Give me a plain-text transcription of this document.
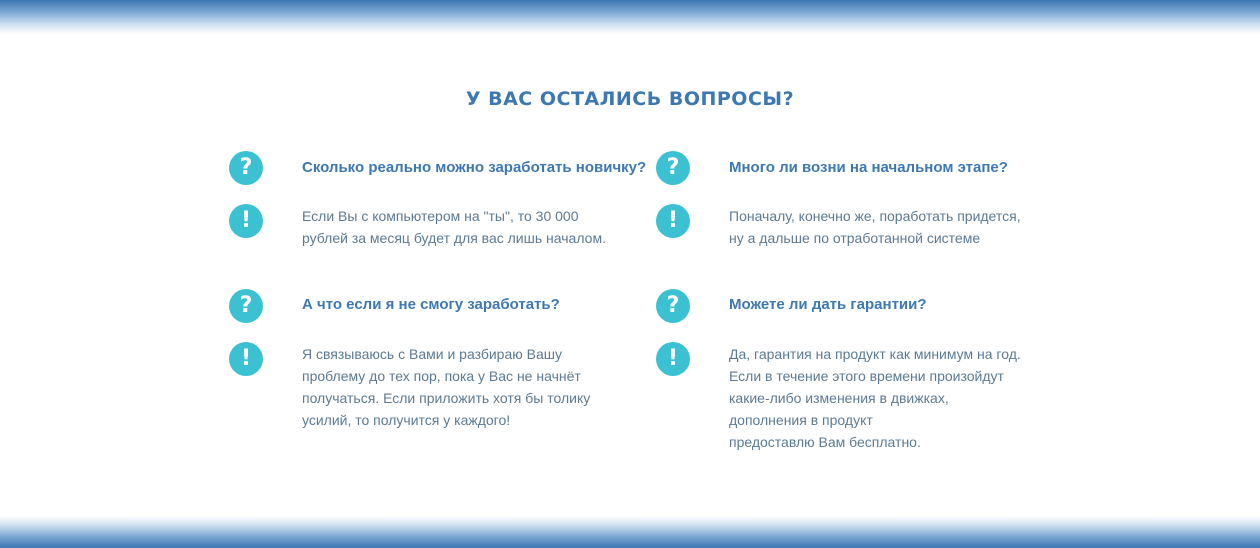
У ВАС ОСТАЛИСЬ ВОПРОСЫ?
?	Сколько реально можно заработать новичку?
!	Если Вы с компьютером на "ты", то 30 000
рублей за месяц будет для вас лишь началом.
?	Много ли возни на начальном этапе?
!	Поначалу, конечно же, поработать придется,
ну а дальше по отработанной системе
?	А что если я не смогу заработать?
!	Я связываюсь с Вами и разбираю Вашу
проблему до тех пор, пока у Вас не начнёт
получаться. Если приложить хотя бы толику
усилий, то получится у каждого!
?	Можете ли дать гарантии?
!	Да, гарантия на продукт как минимум на год.
Если в течение этого времени произойдут
какие-либо изменения в движках,
дополнения в продукт
предоставлю Вам бесплатно.
